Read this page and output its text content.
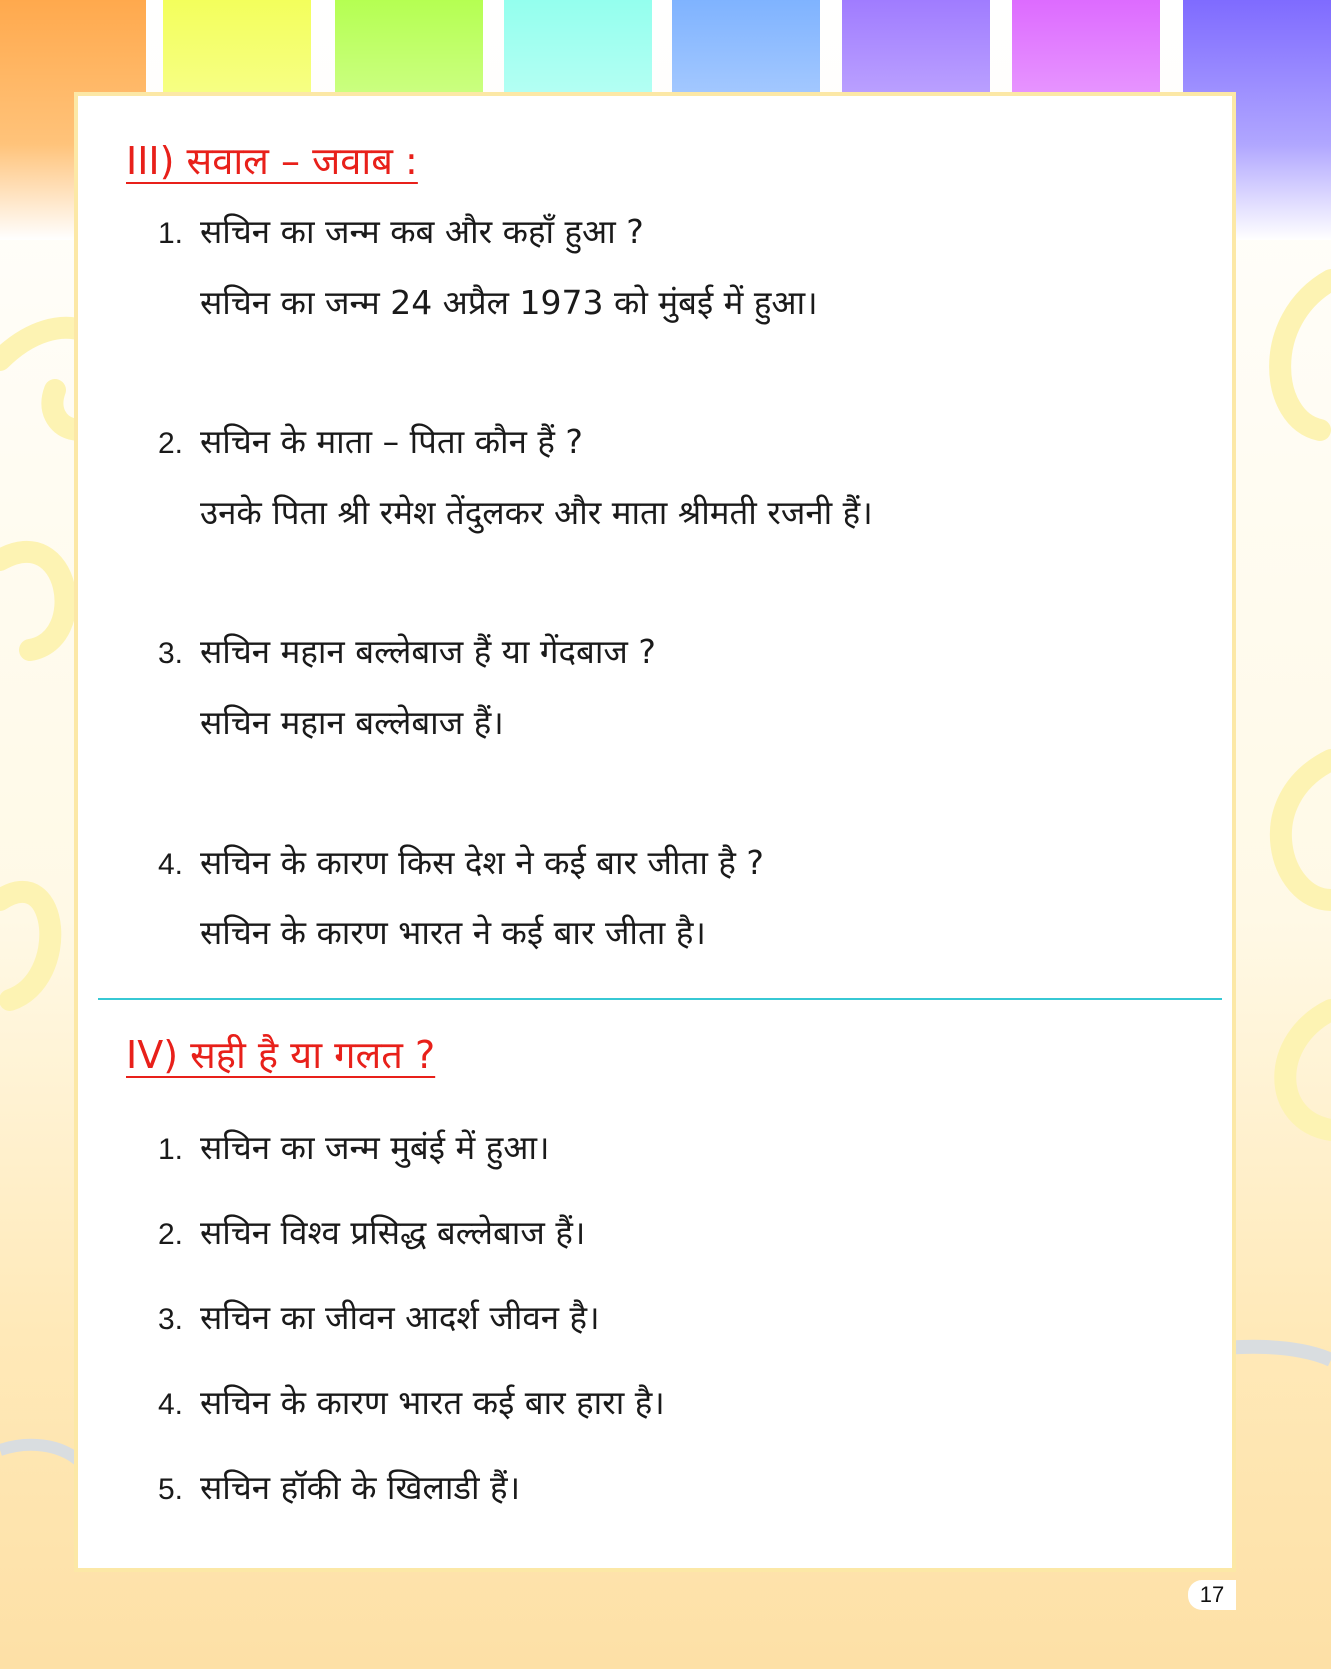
III) सवाल – जवाब :
1. सचिन का जन्म कब और कहाँ हुआ ?
सचिन का जन्म 24 अप्रैल 1973 को मुंबई में हुआ।
2. सचिन के माता – पिता कौन हैं ?
उनके पिता श्री रमेश तेंदुलकर और माता श्रीमती रजनी हैं।
3. सचिन महान बल्लेबाज हैं या गेंदबाज ?
सचिन महान बल्लेबाज हैं।
4. सचिन के कारण किस देश ने कई बार जीता है ?
सचिन के कारण भारत ने कई बार जीता है।
IV) सही है या गलत ?
1. सचिन का जन्म मुबंई में हुआ।
2. सचिन विश्व प्रसिद्ध बल्लेबाज हैं।
3. सचिन का जीवन आदर्श जीवन है।
4. सचिन के कारण भारत कई बार हारा है।
5. सचिन हॉकी के खिलाडी हैं।
17
